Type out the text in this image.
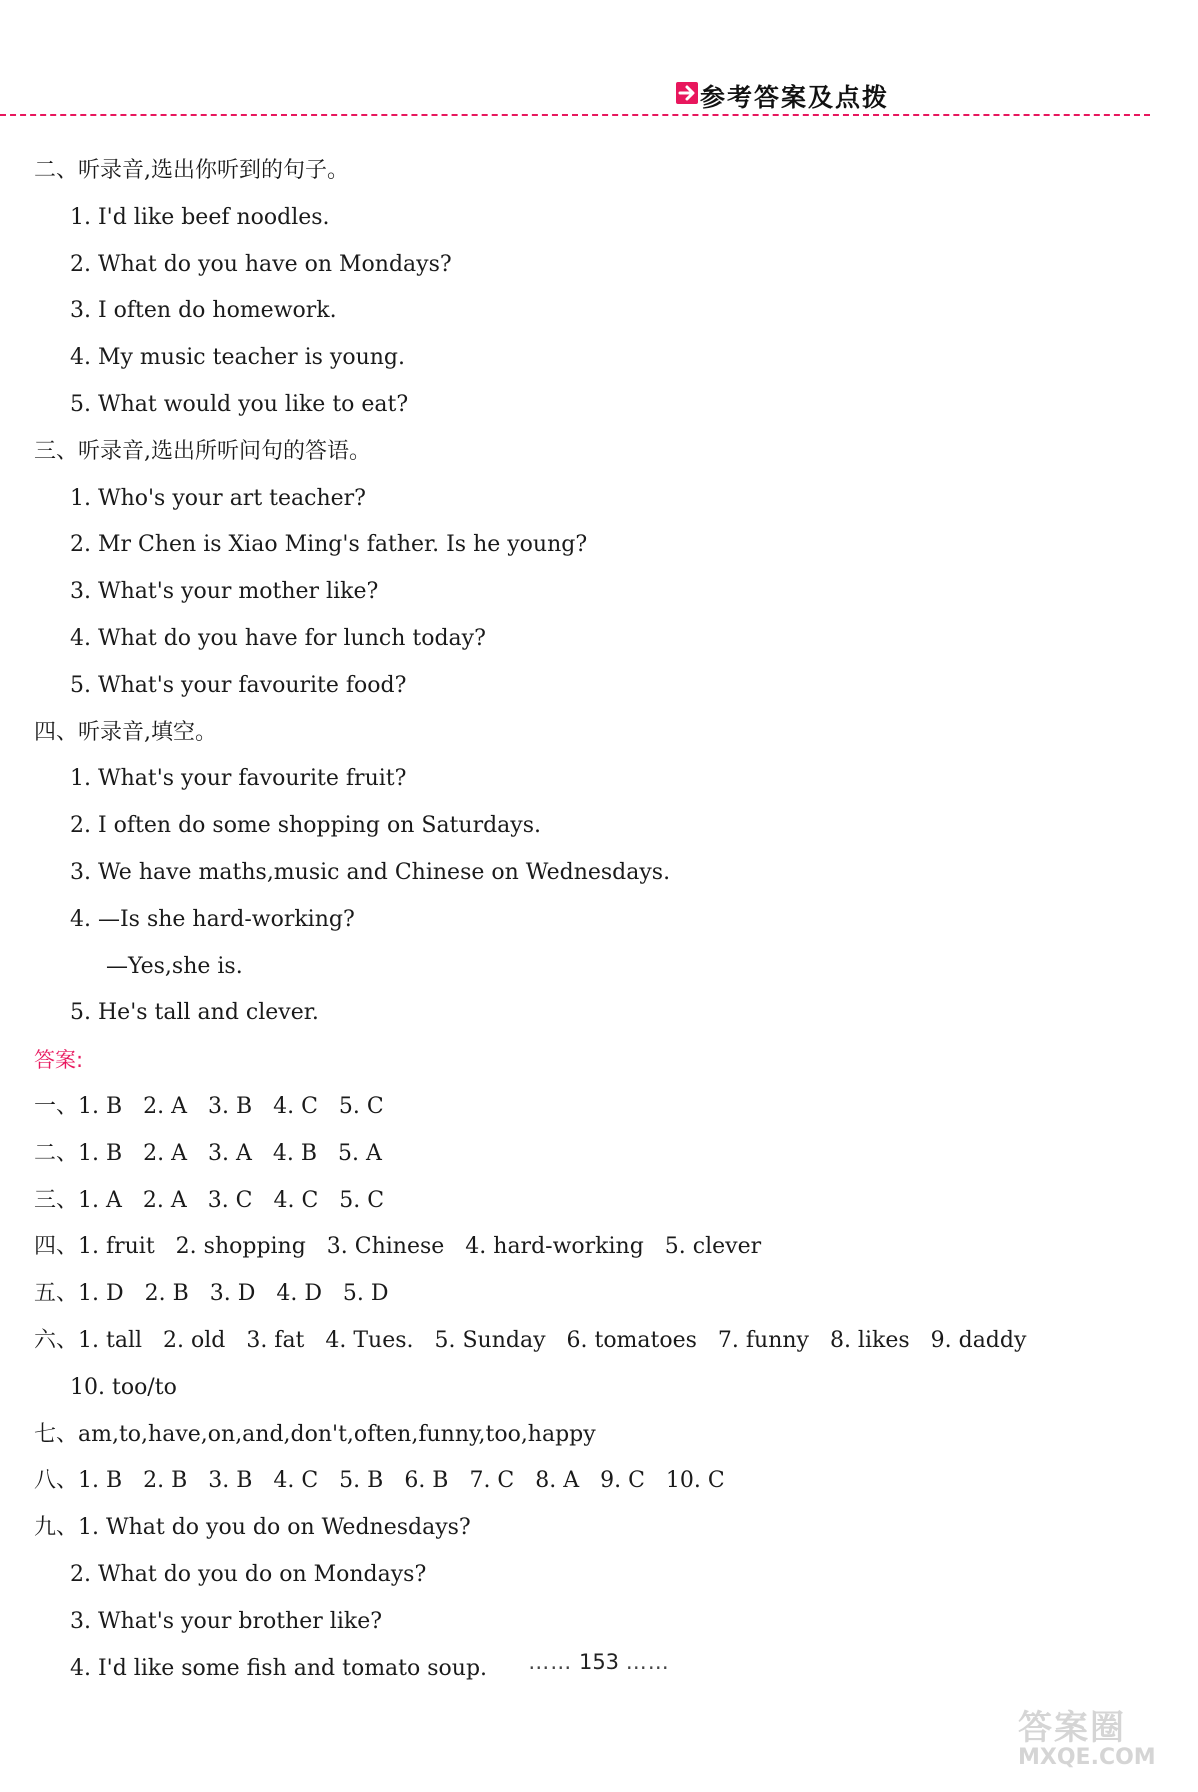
参考答案及点拨
二、听录音,选出你听到的句子。
1. I'd like beef noodles.
2. What do you have on Mondays?
3. I often do homework.
4. My music teacher is young.
5. What would you like to eat?
三、听录音,选出所听问句的答语。
1. Who's your art teacher?
2. Mr Chen is Xiao Ming's father. Is he young?
3. What's your mother like?
4. What do you have for lunch today?
5. What's your favourite food?
四、听录音,填空。
1. What's your favourite fruit?
2. I often do some shopping on Saturdays.
3. We have maths,music and Chinese on Wednesdays.
4. —Is she hard-working?
—Yes,she is.
5. He's tall and clever.
答案:
一、1. B   2. A   3. B   4. C   5. C
二、1. B   2. A   3. A   4. B   5. A
三、1. A   2. A   3. C   4. C   5. C
四、1. fruit   2. shopping   3. Chinese   4. hard-working   5. clever
五、1. D   2. B   3. D   4. D   5. D
六、1. tall   2. old   3. fat   4. Tues.   5. Sunday   6. tomatoes   7. funny   8. likes   9. daddy
10. too/to
七、am,to,have,on,and,don't,often,funny,too,happy
八、1. B   2. B   3. B   4. C   5. B   6. B   7. C   8. A   9. C   10. C
九、1. What do you do on Wednesdays?
2. What do you do on Mondays?
3. What's your brother like?
4. I'd like some fish and tomato soup.	…… 153 ……
答案圈
MXQE.COM
